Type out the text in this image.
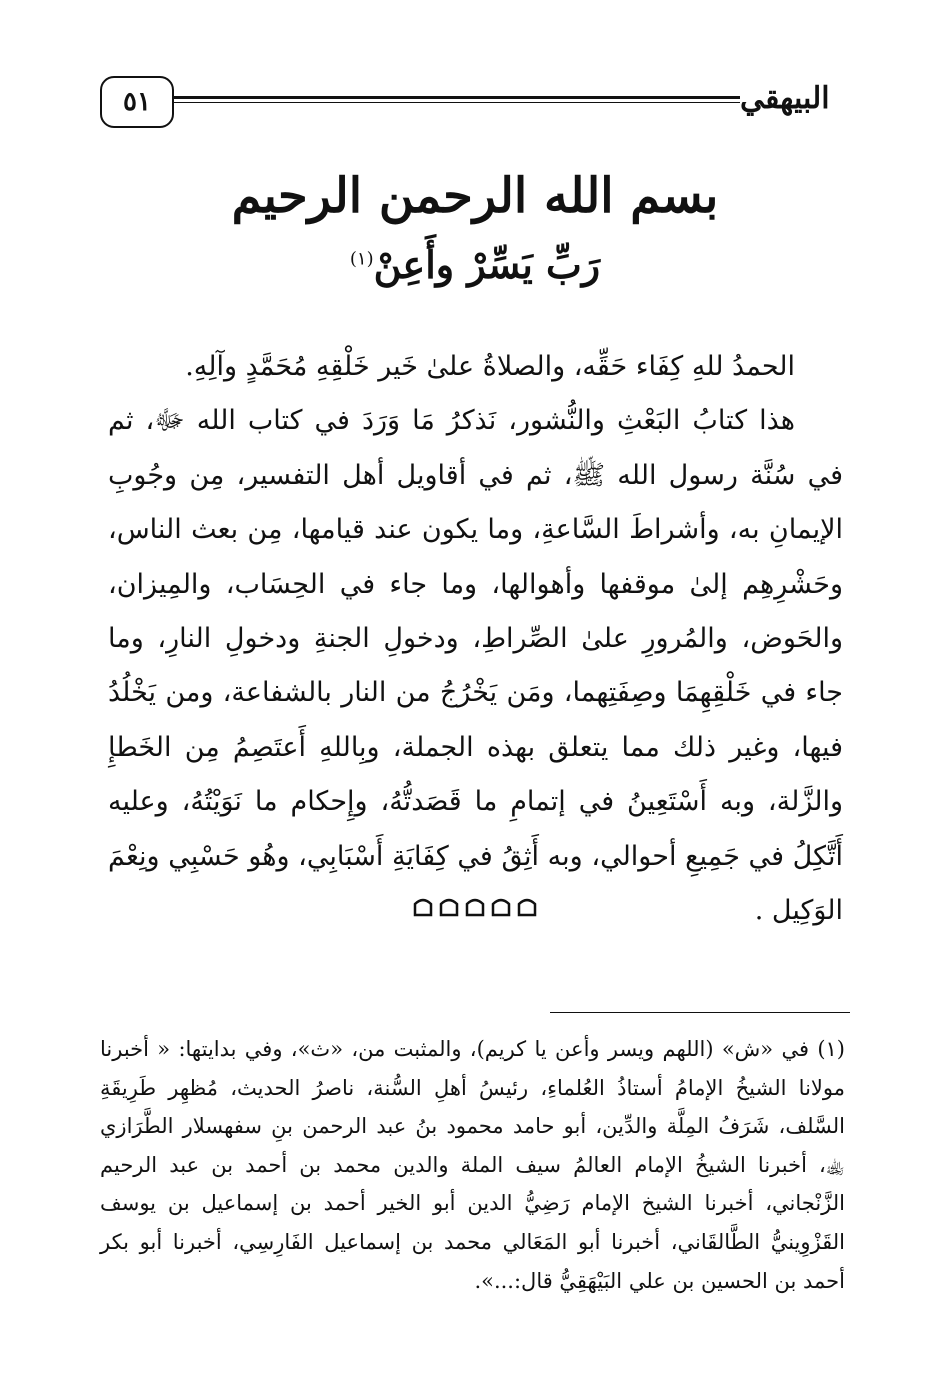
٥١	البيهقي
بسم الله الرحمن الرحيم
رَبِّ يَسِّرْ وأَعِنْ$^{(١)}$

الحمدُ للهِ كِفَاء حَقِّه، والصلاةُ علىٰ خَير خَلْقِهِ مُحَمَّدٍ وآلِهِ.

هذا كتابُ البَعْثِ والنُّشور، نَذكرُ مَا وَرَدَ في كتاب الله ﷻ، ثم في سُنَّة رسول الله ﷺ، ثم في أقاويل أهل التفسير، مِن وجُوبِ الإيمانِ به، وأشراطَ السَّاعةِ، وما يكون عند قيامها، مِن بعث الناس، وحَشْرِهِم إلىٰ موقفها وأهوالها، وما جاء في الحِسَاب، والمِيزان، والحَوض، والمُرورِ علىٰ الصِّراطِ، ودخولِ الجنةِ ودخولِ النارِ، وما جاء في خَلْقِهِمَا وصِفَتِهما، ومَن يَخْرُجُ من النار بالشفاعة، ومن يَخْلُدُ فيها، وغير ذلك مما يتعلق بهذه الجملة، وبِاللهِ أَعتَصِمُ مِن الخَطإِ والزَّلة، وبه أَسْتَعِينُ في إتمامِ ما قَصَدتُّهُ، وإِحكام ما نَوَيْتُهُ، وعليه أَتَّكِلُ في جَمِيعِ أحوالي، وبه أَثِقُ في كِفَايَةِ أَسْبَابِي، وهُو حَسْبِي ونِعْمَ الوَكِيل .

(١) في «ش» (اللهم ويسر وأعن يا كريم)، والمثبت من، «ث»، وفي بدايتها: « أخبرنا مولانا الشيخُ الإمامُ أستاذُ العُلماءِ، رئيسُ أهلِ السُّنة، ناصرُ الحديث، مُظهِر طَرِيقَةِ السَّلف، شَرَفُ المِلَّة والدِّين، أبو حامد محمود بنُ عبد الرحمن بنِ سفهسلار الطَّرَازي ﵀، أخبرنا الشيخُ الإمام العالمُ سيف الملة والدين محمد بن أحمد بن عبد الرحيم الزَّنْجاني، أخبرنا الشيخ الإمام رَضِيُّ الدين أبو الخير أحمد بن إسماعيل بن يوسف القَزْوِينيُّ الطَّالقَاني، أخبرنا أبو المَعَالي محمد بن إسماعيل الفَارِسِي، أخبرنا أبو بكر أحمد بن الحسين بن علي البَيْهَقِيُّ قال:...».
